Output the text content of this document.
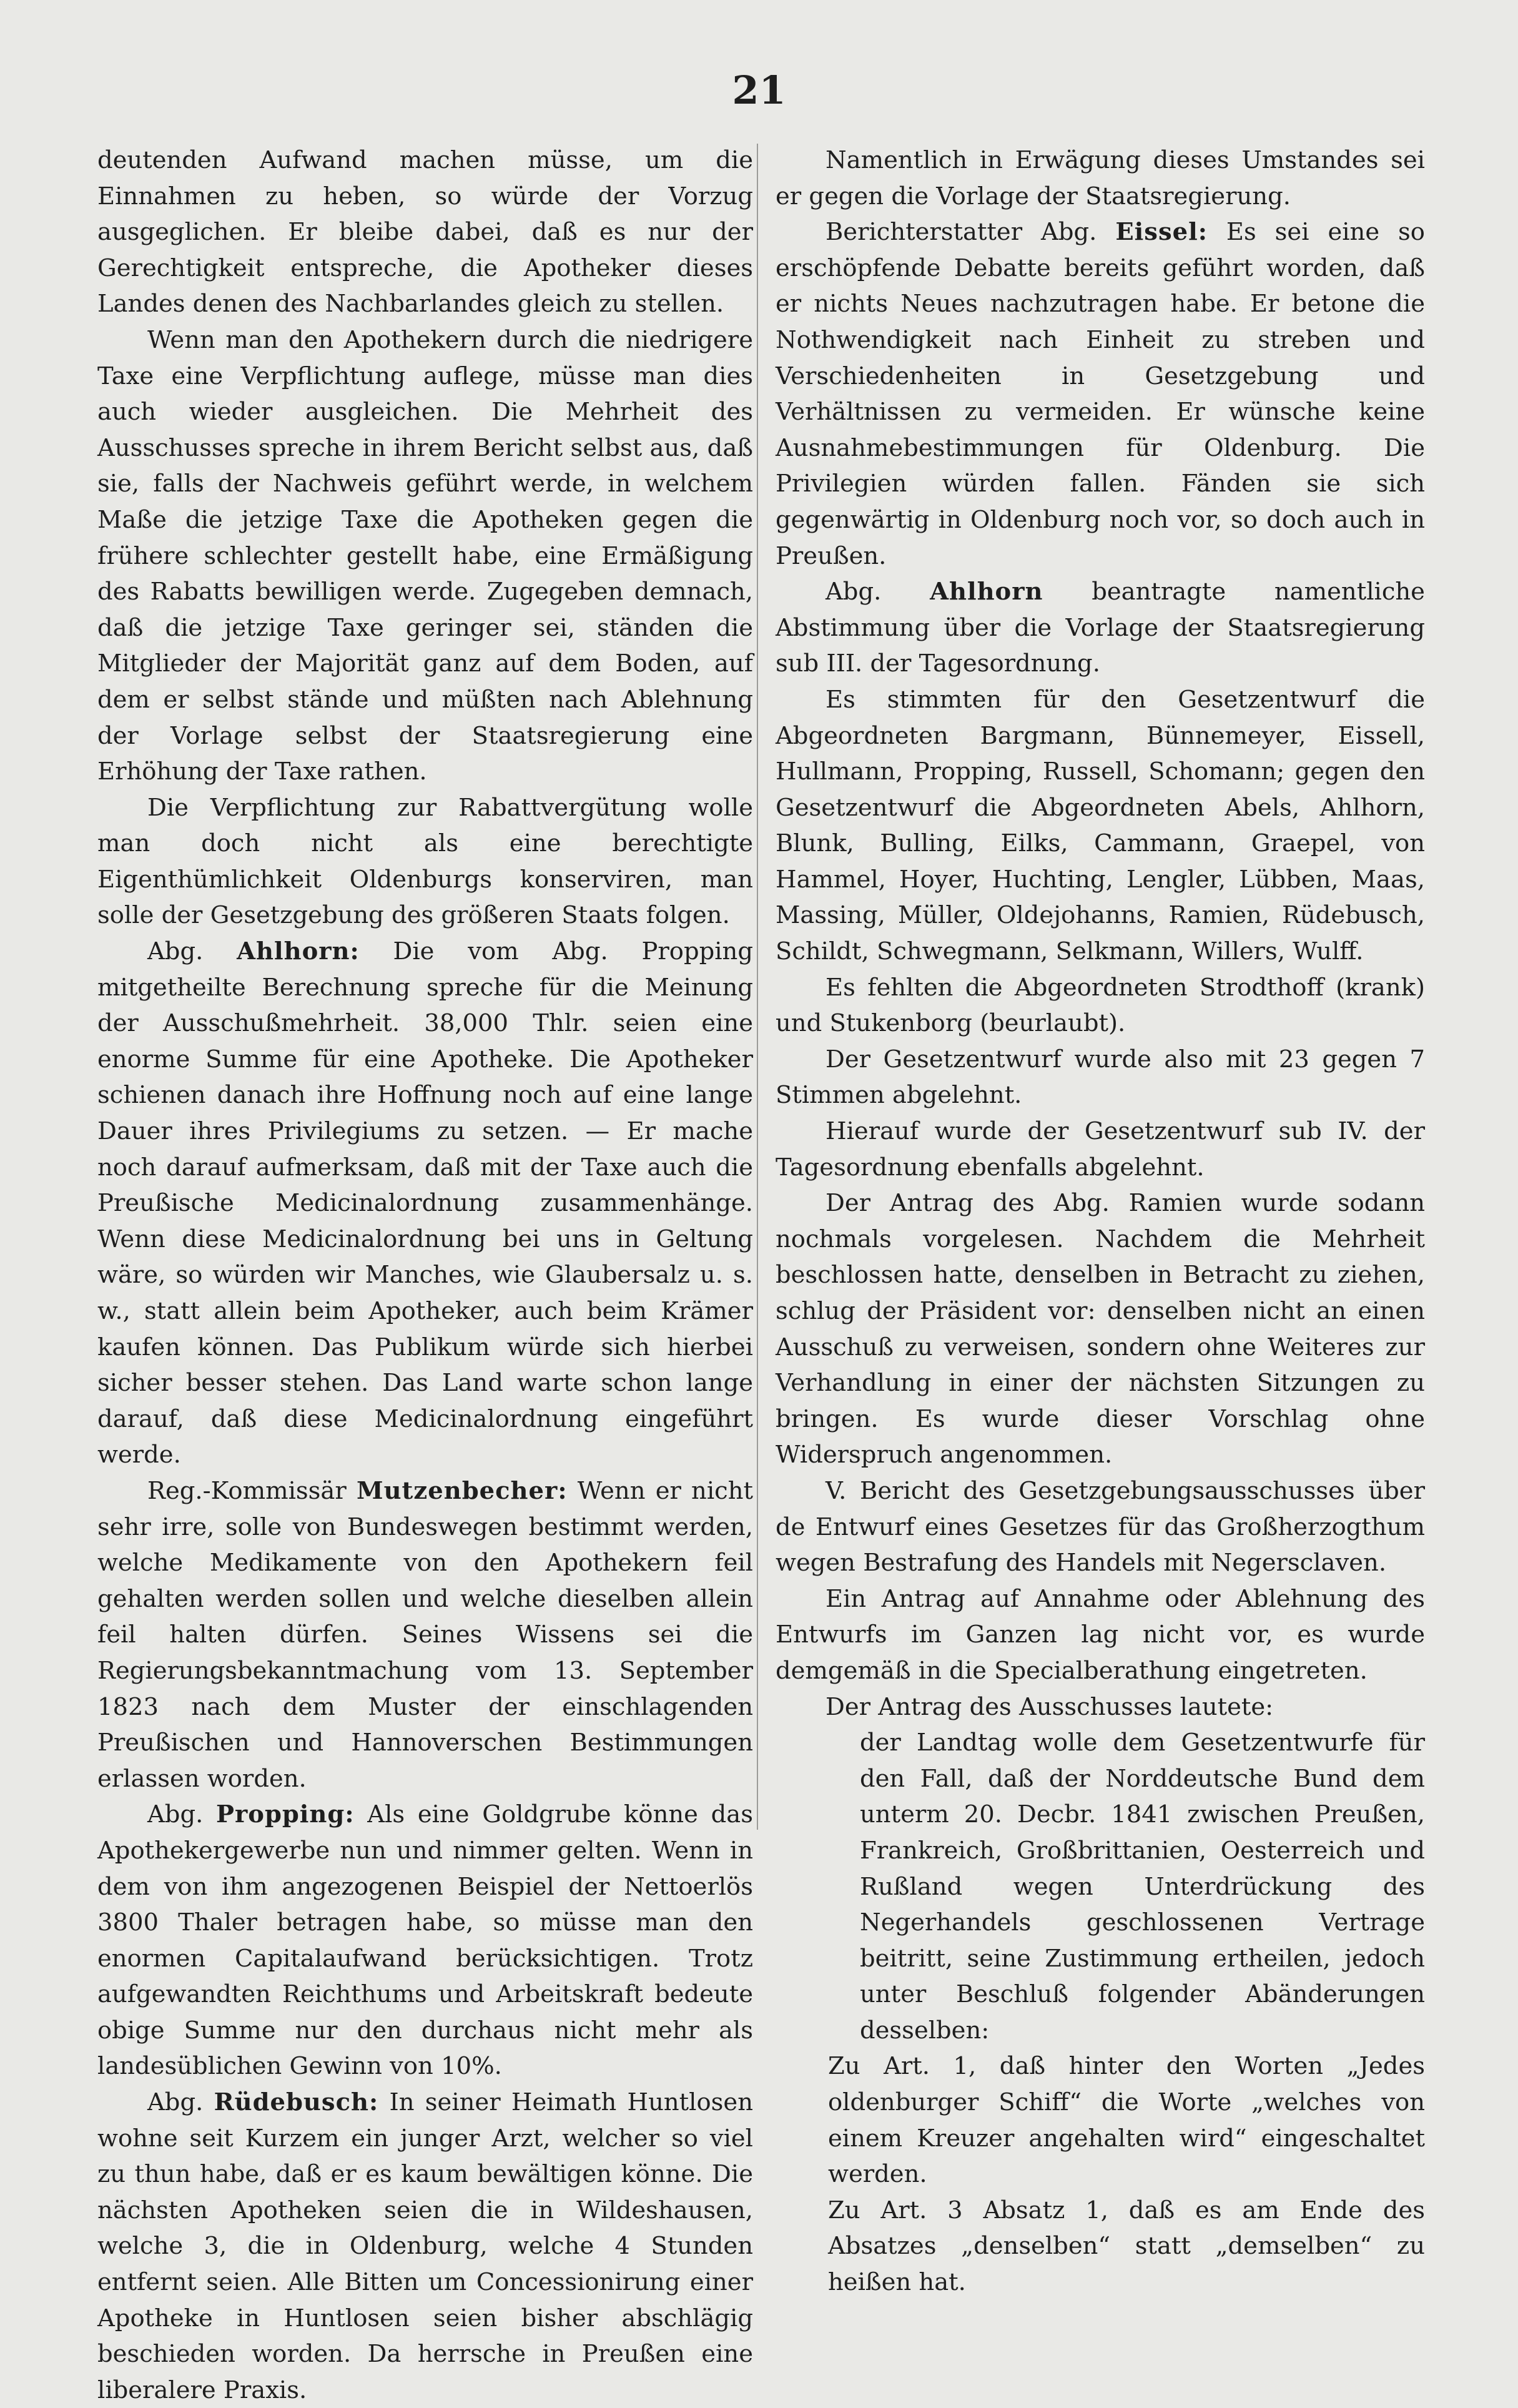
21

deutenden Aufwand machen müsse, um die Einnahmen zu heben, so würde der Vorzug ausgeglichen. Er bleibe dabei, daß es nur der Gerechtigkeit entspreche, die Apotheker dieses Landes denen des Nachbarlandes gleich zu stellen.

Wenn man den Apothekern durch die niedrigere Taxe eine Verpflichtung auflege, müsse man dies auch wieder ausgleichen. Die Mehrheit des Ausschusses spreche in ihrem Bericht selbst aus, daß sie, falls der Nachweis geführt werde, in welchem Maße die jetzige Taxe die Apotheken gegen die frühere schlechter gestellt habe, eine Ermäßigung des Rabatts bewilligen werde. Zugegeben demnach, daß die jetzige Taxe geringer sei, ständen die Mitglieder der Majorität ganz auf dem Boden, auf dem er selbst stände und müßten nach Ablehnung der Vorlage selbst der Staatsregierung eine Erhöhung der Taxe rathen.

Die Verpflichtung zur Rabattvergütung wolle man doch nicht als eine berechtigte Eigenthümlichkeit Oldenburgs konserviren, man solle der Gesetzgebung des größeren Staats folgen.

Abg. Ahlhorn: Die vom Abg. Propping mitgetheilte Berechnung spreche für die Meinung der Ausschußmehrheit. 38,000 Thlr. seien eine enorme Summe für eine Apotheke. Die Apotheker schienen danach ihre Hoffnung noch auf eine lange Dauer ihres Privilegiums zu setzen. — Er mache noch darauf aufmerksam, daß mit der Taxe auch die Preußische Medicinalordnung zusammenhänge. Wenn diese Medicinalordnung bei uns in Geltung wäre, so würden wir Manches, wie Glaubersalz u. s. w., statt allein beim Apotheker, auch beim Krämer kaufen können. Das Publikum würde sich hierbei sicher besser stehen. Das Land warte schon lange darauf, daß diese Medicinalordnung eingeführt werde.

Reg.-Kommissär Mutzenbecher: Wenn er nicht sehr irre, solle von Bundeswegen bestimmt werden, welche Medikamente von den Apothekern feil gehalten werden sollen und welche dieselben allein feil halten dürfen. Seines Wissens sei die Regierungsbekanntmachung vom 13. September 1823 nach dem Muster der einschlagenden Preußischen und Hannoverschen Bestimmungen erlassen worden.

Abg. Propping: Als eine Goldgrube könne das Apothekergewerbe nun und nimmer gelten. Wenn in dem von ihm angezogenen Beispiel der Nettoerlös 3800 Thaler betragen habe, so müsse man den enormen Capitalaufwand berücksichtigen. Trotz aufgewandten Reichthums und Arbeitskraft bedeute obige Summe nur den durchaus nicht mehr als landesüblichen Gewinn von 10%.

Abg. Rüdebusch: In seiner Heimath Huntlosen wohne seit Kurzem ein junger Arzt, welcher so viel zu thun habe, daß er es kaum bewältigen könne. Die nächsten Apotheken seien die in Wildeshausen, welche 3, die in Oldenburg, welche 4 Stunden entfernt seien. Alle Bitten um Concessionirung einer Apotheke in Huntlosen seien bisher abschlägig beschieden worden. Da herrsche in Preußen eine liberalere Praxis.

Namentlich in Erwägung dieses Umstandes sei er gegen die Vorlage der Staatsregierung.

Berichterstatter Abg. Eissel: Es sei eine so erschöpfende Debatte bereits geführt worden, daß er nichts Neues nachzutragen habe. Er betone die Nothwendigkeit nach Einheit zu streben und Verschiedenheiten in Gesetzgebung und Verhältnissen zu vermeiden. Er wünsche keine Ausnahmebestimmungen für Oldenburg. Die Privilegien würden fallen. Fänden sie sich gegenwärtig in Oldenburg noch vor, so doch auch in Preußen.

Abg. Ahlhorn beantragte namentliche Abstimmung über die Vorlage der Staatsregierung sub III. der Tagesordnung.

Es stimmten für den Gesetzentwurf die Abgeordneten Bargmann, Bünnemeyer, Eissell, Hullmann, Propping, Russell, Schomann; gegen den Gesetzentwurf die Abgeordneten Abels, Ahlhorn, Blunk, Bulling, Eilks, Cammann, Graepel, von Hammel, Hoyer, Huchting, Lengler, Lübben, Maas, Massing, Müller, Oldejohanns, Ramien, Rüdebusch, Schildt, Schwegmann, Selkmann, Willers, Wulff.

Es fehlten die Abgeordneten Strodthoff (krank) und Stukenborg (beurlaubt).

Der Gesetzentwurf wurde also mit 23 gegen 7 Stimmen abgelehnt.

Hierauf wurde der Gesetzentwurf sub IV. der Tagesordnung ebenfalls abgelehnt.

Der Antrag des Abg. Ramien wurde sodann nochmals vorgelesen. Nachdem die Mehrheit beschlossen hatte, denselben in Betracht zu ziehen, schlug der Präsident vor: denselben nicht an einen Ausschuß zu verweisen, sondern ohne Weiteres zur Verhandlung in einer der nächsten Sitzungen zu bringen. Es wurde dieser Vorschlag ohne Widerspruch angenommen.

V. Bericht des Gesetzgebungsausschusses über de Entwurf eines Gesetzes für das Großherzogthum wegen Bestrafung des Handels mit Negersclaven.

Ein Antrag auf Annahme oder Ablehnung des Entwurfs im Ganzen lag nicht vor, es wurde demgemäß in die Specialberathung eingetreten.

Der Antrag des Ausschusses lautete:

der Landtag wolle dem Gesetzentwurfe für den Fall, daß der Norddeutsche Bund dem unterm 20. Decbr. 1841 zwischen Preußen, Frankreich, Großbrittanien, Oesterreich und Rußland wegen Unterdrückung des Negerhandels geschlossenen Vertrage beitritt, seine Zustimmung ertheilen, jedoch unter Beschluß folgender Abänderungen desselben:

Zu Art. 1, daß hinter den Worten „Jedes oldenburger Schiff“ die Worte „welches von einem Kreuzer angehalten wird“ eingeschaltet werden.

Zu Art. 3 Absatz 1, daß es am Ende des Absatzes „denselben“ statt „demselben“ zu heißen hat.
